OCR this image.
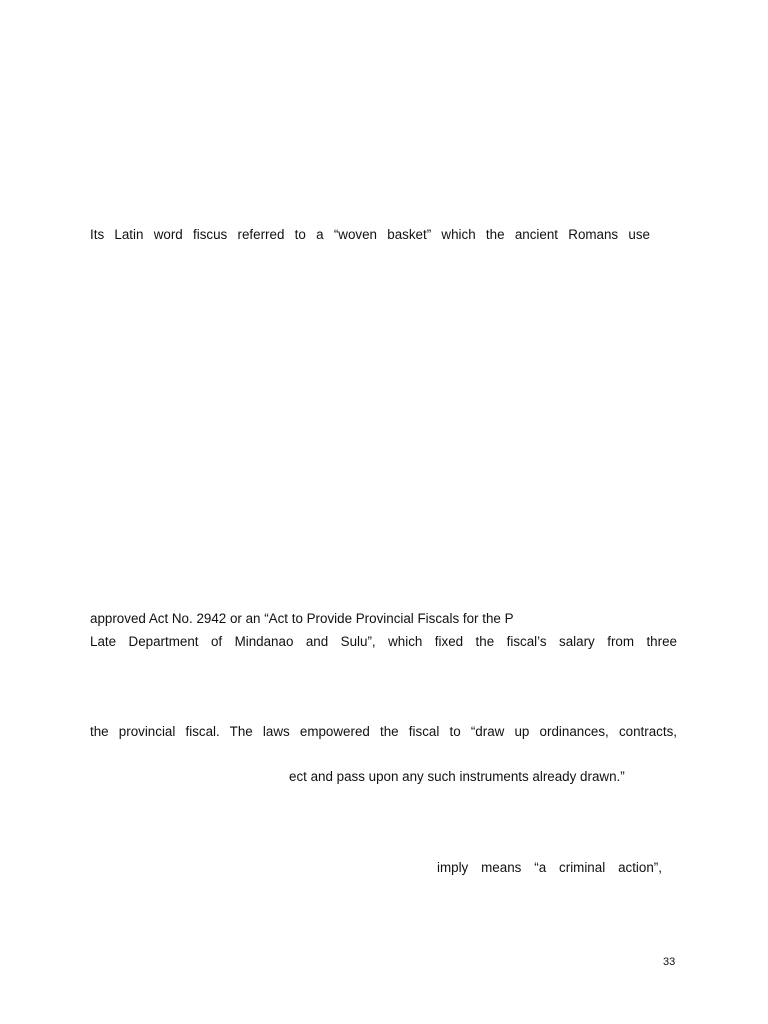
Its Latin word fiscus referred to a “woven basket” which the ancient Romans use
approved Act No. 2942 or an “Act to Provide Provincial Fiscals for the P
Late Department of Mindanao and Sulu”, which fixed the fiscal’s salary from three
the provincial fiscal. The laws empowered the fiscal to “draw up ordinances, contracts,
ect and pass upon any such instruments already drawn.”
imply means “a criminal action”,
33
